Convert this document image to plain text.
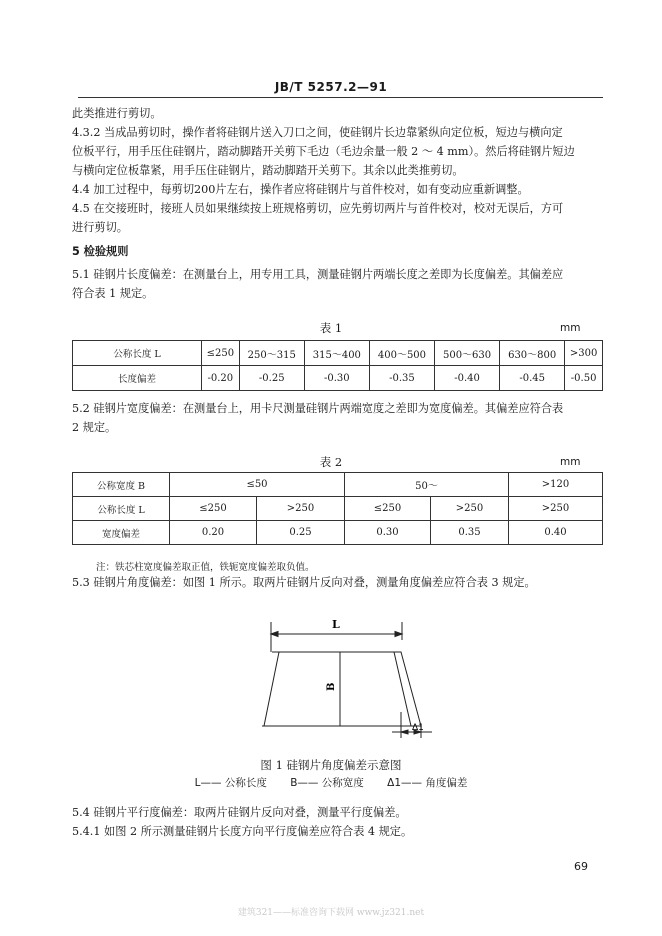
JB/T 5257.2—91
此类推进行剪切。
4.3.2 当成品剪切时，操作者将硅钢片送入刀口之间，使硅钢片长边靠紧纵向定位板，短边与横向定
位板平行，用手压住硅钢片，踏动脚踏开关剪下毛边（毛边余量一般 2 ～ 4 mm）。然后将硅钢片短边
与横向定位板靠紧，用手压住硅钢片，踏动脚踏开关剪下。其余以此类推剪切。
4.4 加工过程中，每剪切200片左右，操作者应将硅钢片与首件校对，如有变动应重新调整。
4.5 在交接班时，接班人员如果继续按上班规格剪切，应先剪切两片与首件校对，校对无误后，方可
进行剪切。
5 检验规则
5.1 硅钢片长度偏差：在测量台上，用专用工具，测量硅钢片两端长度之差即为长度偏差。其偏差应
符合表 1 规定。
表 1	mm
公称长度 L	≤250	250～315	315～400	400～500	500～630	630～800	>300
长度偏差	-0.20	-0.25	-0.30	-0.35	-0.40	-0.45	-0.50
5.2 硅钢片宽度偏差：在测量台上，用卡尺测量硅钢片两端宽度之差即为宽度偏差。其偏差应符合表
2 规定。
表 2	mm
公称宽度 B	≤50		50～		>120
公称长度 L	≤250	>250	≤250	>250	>250
宽度偏差	0.20	0.25	0.30	0.35	0.40
注：铁芯柱宽度偏差取正值，铁轭宽度偏差取负值。
5.3 硅钢片角度偏差：如图 1 所示。取两片硅钢片反向对叠，测量角度偏差应符合表 3 规定。
L
B
Δ1
图 1 硅钢片角度偏差示意图
L—— 公称长度 B—— 公称宽度 Δ1—— 角度偏差
5.4 硅钢片平行度偏差：取两片硅钢片反向对叠，测量平行度偏差。
5.4.1 如图 2 所示测量硅钢片长度方向平行度偏差应符合表 4 规定。
69
建筑321——标准咨询下载网 www.jz321.net
